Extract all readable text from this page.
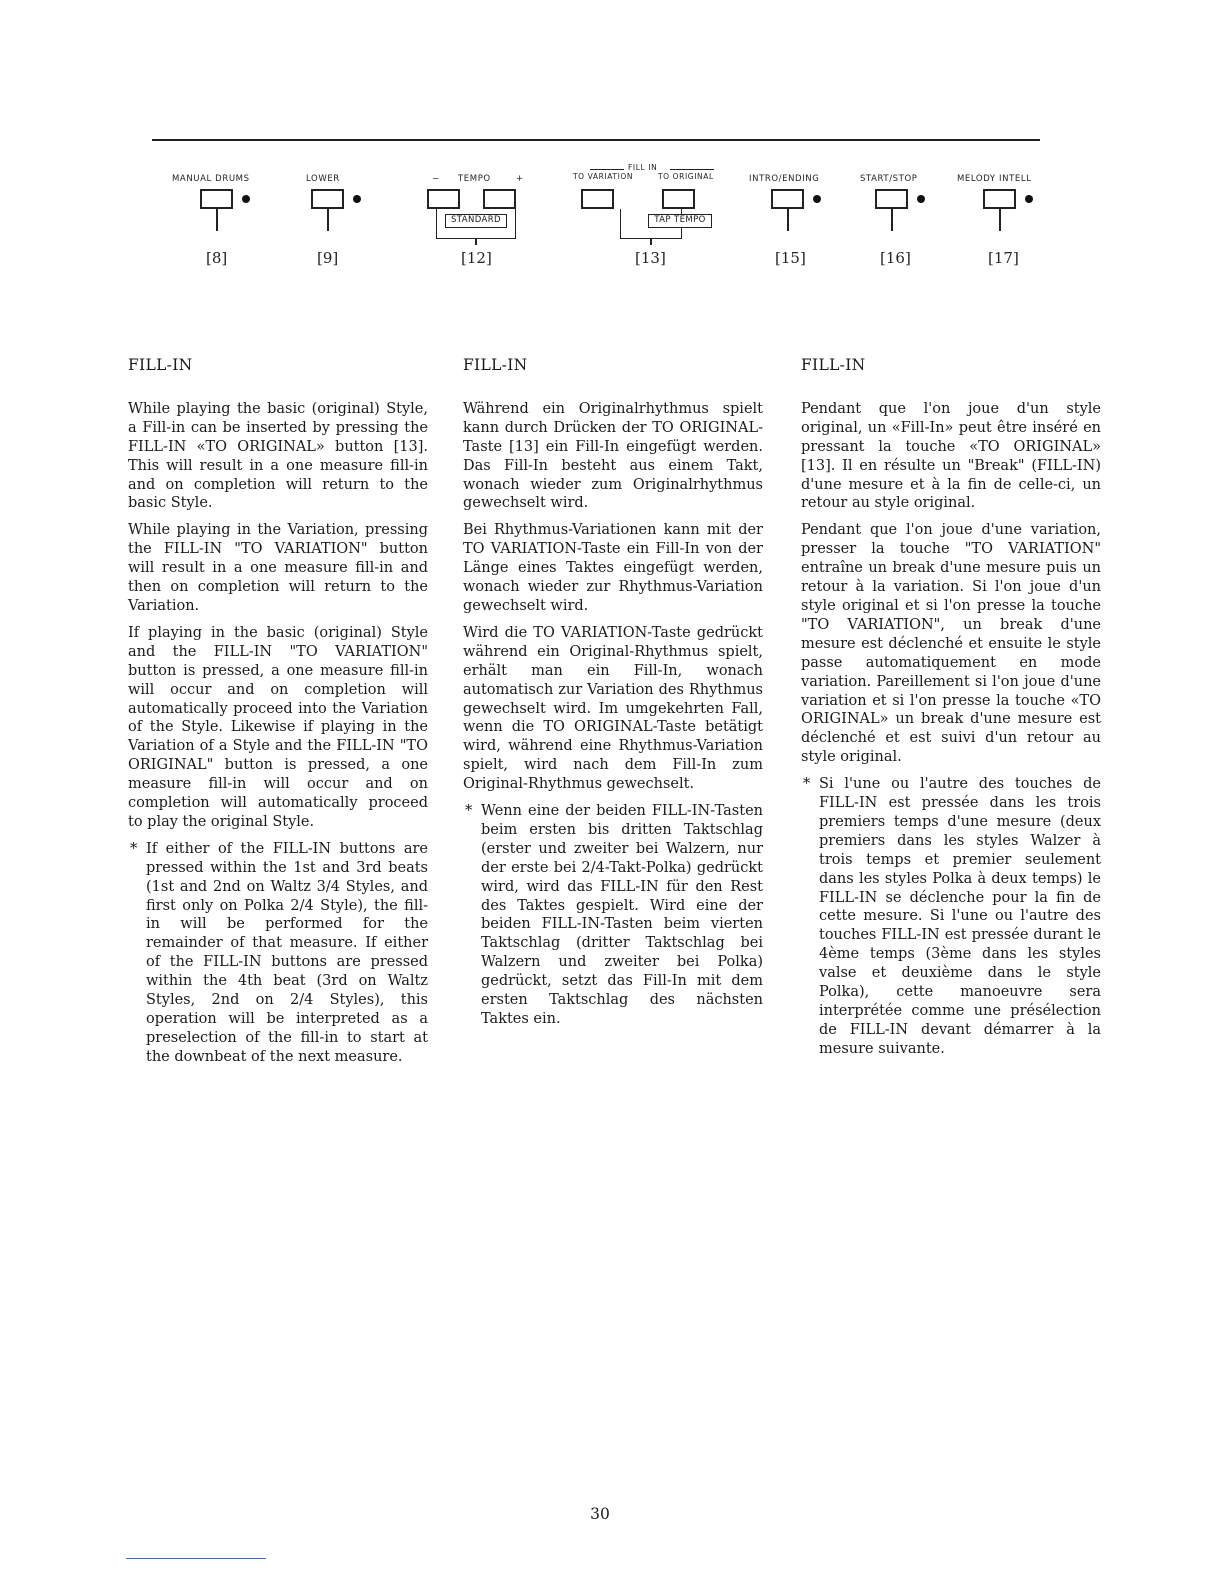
MANUAL DRUMS	LOWER	− TEMPO	+
FILL IN
TO VARIATION	TO ORIGINAL	INTRO/ENDING	START/STOP	MELODY INTELL
STANDARD	TAP TEMPO
[8]	[9]	[12]	[13]	[15]	[16]	[17]
FILL-IN

While playing the basic (original) Style, a Fill-in can be inserted by pressing the FILL-IN «TO ORIGINAL» button [13]. This will result in a one measure fill-in and on completion will return to the basic Style.

While playing in the Variation, pressing the FILL-IN "TO VARIATION" button will result in a one measure fill-in and then on completion will return to the Variation.

If playing in the basic (original) Style and the FILL-IN "TO VARIATION" button is pressed, a one measure fill-in will occur and on completion will automatically proceed into the Variation of the Style. Likewise if playing in the Variation of a Style and the FILL-IN "TO ORIGINAL" button is pressed, a one measure fill-in will occur and on completion will automatically proceed to play the original Style.

* If either of the FILL-IN buttons are pressed within the 1st and 3rd beats (1st and 2nd on Waltz 3/4 Styles, and first only on Polka 2/4 Style), the fill-in will be performed for the remainder of that measure. If either of the FILL-IN buttons are pressed within the 4th beat (3rd on Waltz Styles, 2nd on 2/4 Styles), this operation will be interpreted as a preselection of the fill-in to start at the downbeat of the next measure.

FILL-IN

Während ein Originalrhythmus spielt kann durch Drücken der TO ORIGINAL-Taste [13] ein Fill-In eingefügt werden. Das Fill-In besteht aus einem Takt, wonach wieder zum Originalrhythmus gewechselt wird.

Bei Rhythmus-Variationen kann mit der TO VARIATION-Taste ein Fill-In von der Länge eines Taktes eingefügt werden, wonach wieder zur Rhythmus-Variation gewechselt wird.

Wird die TO VARIATION-Taste gedrückt während ein Original-Rhythmus spielt, erhält man ein Fill-In, wonach automatisch zur Variation des Rhythmus gewechselt wird. Im umgekehrten Fall, wenn die TO ORIGINAL-Taste betätigt wird, während eine Rhythmus-Variation spielt, wird nach dem Fill-In zum Original-Rhythmus gewechselt.

* Wenn eine der beiden FILL-IN-Tasten beim ersten bis dritten Taktschlag (erster und zweiter bei Walzern, nur der erste bei 2/4-Takt-Polka) gedrückt wird, wird das FILL-IN für den Rest des Taktes gespielt. Wird eine der beiden FILL-IN-Tasten beim vierten Taktschlag (dritter Taktschlag bei Walzern und zweiter bei Polka) gedrückt, setzt das Fill-In mit dem ersten Taktschlag des nächsten Taktes ein.

FILL-IN

Pendant que l'on joue d'un style original, un «Fill-In» peut être inséré en pressant la touche «TO ORIGINAL» [13]. Il en résulte un "Break" (FILL-IN) d'une mesure et à la fin de celle-ci, un retour au style original.

Pendant que l'on joue d'une variation, presser la touche "TO VARIATION" entraîne un break d'une mesure puis un retour à la variation. Si l'on joue d'un style original et si l'on presse la touche "TO VARIATION", un break d'une mesure est déclenché et ensuite le style passe automatiquement en mode variation. Pareillement si l'on joue d'une variation et si l'on presse la touche «TO ORIGINAL» un break d'une mesure est déclenché et est suivi d'un retour au style original.

* Si l'une ou l'autre des touches de FILL-IN est pressée dans les trois premiers temps d'une mesure (deux premiers dans les styles Walzer à trois temps et premier seulement dans les styles Polka à deux temps) le FILL-IN se déclenche pour la fin de cette mesure. Si l'une ou l'autre des touches FILL-IN est pressée durant le 4ème temps (3ème dans les styles valse et deuxième dans le style Polka), cette manoeuvre sera interprétée comme une présélection de FILL-IN devant démarrer à la mesure suivante.

30
